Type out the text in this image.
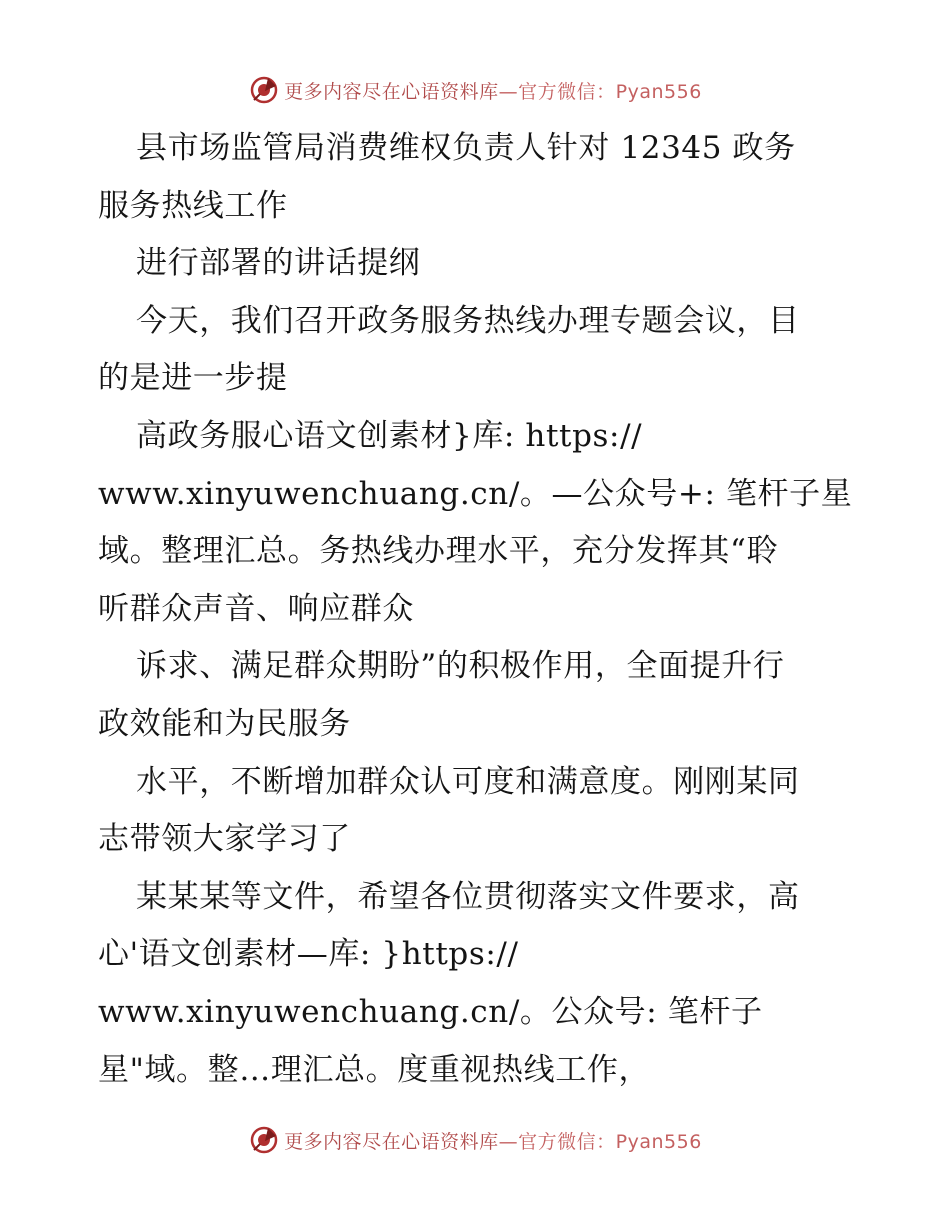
更多内容尽在心语资料库—官方微信：Pyan556
县市场监管局消费维权负责人针对 12345 政务
服务热线工作
进行部署的讲话提纲
今天，我们召开政务服务热线办理专题会议，目
的是进一步提
高政务服心语文创素材}库: https://
www.xinyuwenchuang.cn/。—公众号+: 笔杆子星
域。整理汇总。务热线办理水平，充分发挥其“聆
听群众声音、响应群众
诉求、满足群众期盼”的积极作用，全面提升行
政效能和为民服务
水平，不断增加群众认可度和满意度。刚刚某同
志带领大家学习了
某某某等文件，希望各位贯彻落实文件要求，高
心'语文创素材—库: }https://
www.xinyuwenchuang.cn/。公众号: 笔杆子
星"域。整…理汇总。度重视热线工作，
更多内容尽在心语资料库—官方微信：Pyan556
